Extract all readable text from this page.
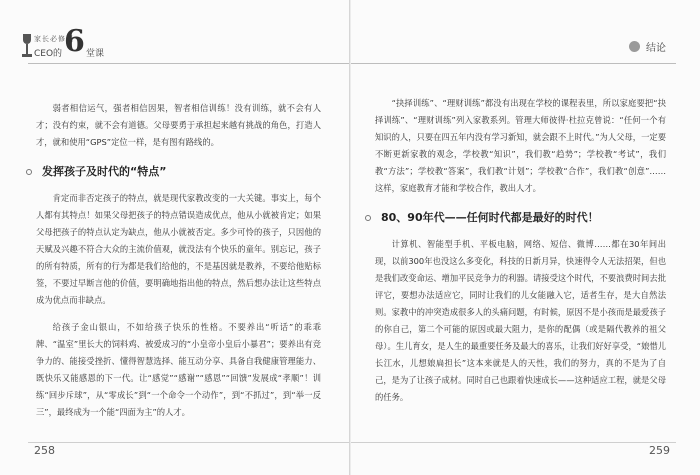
家长必修课
CEO的 6 堂课

弱者相信运气，强者相信因果，智者相信训练！没有训练，就不会有人才；没有约束，就不会有道德。父母要勇于承担起来越有挑战的角色，打造人才，就和使用“GPS”定位一样，是有图有路线的。

发挥孩子及时代的“特点”

肯定而非否定孩子的特点，就是现代家教改变的一大关键。事实上，每个人都有其特点！如果父母把孩子的特点错误造成优点，他从小就被肯定；如果父母把孩子的特点认定为缺点，他从小就被否定。多少可怜的孩子，只因他的天赋及兴趣不符合大众的主流价值观，就没法有个快乐的童年。别忘记，孩子的所有特质，所有的行为都是我们给他的，不是基因就是教养，不要给他贴标签，不要过早断言他的价值，要明确地指出他的特点，然后想办法让这些特点成为优点而非缺点。

给孩子金山银山，不如给孩子快乐的性格。不要养出“听话”的乖乖牌、“温室”里长大的饲料鸡、被爱成习的“小皇帝小皇后小暴君”；要养出有竞争力的、能接受挫折、懂得智慧选择、能互动分享、具备自我健康管理能力、既快乐又能感恩的下一代。让“感觉”“感谢”“感恩”“回馈”发展成“孝顺”！训练“回步斥球”，从“零成长”到“一个命令一个动作”，到“不抓过”，到“举一反三”，最终成为一个能“四面为主”的人才。

258
结论

“抉择训练”、“理财训练”都没有出现在学校的课程表里，所以家庭要把“抉择训练”、“理财训练”列入家教系列。管理大师彼得·杜拉克曾说：“任何一个有知识的人，只要在四五年内没有学习新知，就会跟不上时代。”为人父母，一定要不断更新家教的观念，学校教“知识”，我们教“趋势”；学校教“考试”，我们教“方法”；学校教“答案”，我们教“计划”；学校教“合作”，我们教“创意”……这样，家庭教育才能和学校合作，教出人才。

80、90年代——任何时代都是最好的时代！

计算机、智能型手机、平板电脑，网络、短信、微博……都在30年间出现，以前300年也没这么多变化，科技的日新月异，快速得令人无法招架，但也是我们改变命运、增加平民竞争力的利器。请接受这个时代，不要浪费时间去批评它，要想办法适应它，同时让我们的儿女能融入它，适者生存，是大自然法则。家教中的冲突造成很多人的头痛问题，有时候，原因不是小孩而是最爱孩子的你自己，第二个可能的原因或最大阻力，是你的配偶（或是隔代教养的祖父母）。生儿育女，是人生的最重要任务及最大的喜乐，让我们好好享受，“娘惜儿长江水，儿想娘扁担长”这本来就是人的天性，我们的努力，真的不是为了自己，是为了让孩子成材。同时自己也跟着快速成长——这种适应工程，就是父母的任务。

259
